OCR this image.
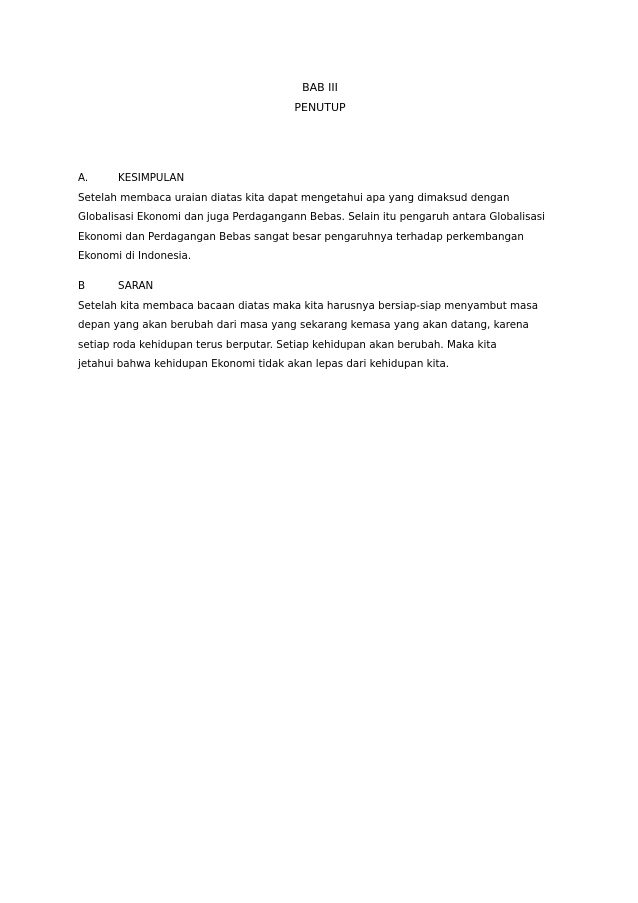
BAB III
PENUTUP
A.	KESIMPULAN
Setelah membaca uraian diatas kita dapat mengetahui apa yang dimaksud dengan
Globalisasi Ekonomi dan juga Perdagangann Bebas. Selain itu pengaruh antara Globalisasi
Ekonomi dan Perdagangan Bebas sangat besar pengaruhnya terhadap perkembangan
Ekonomi di Indonesia.
B	SARAN
Setelah kita membaca bacaan diatas maka kita harusnya bersiap-siap menyambut masa
depan yang akan berubah dari masa yang sekarang kemasa yang akan datang, karena
setiap roda kehidupan terus berputar. Setiap kehidupan akan berubah. Maka kita
jetahui bahwa kehidupan Ekonomi tidak akan lepas dari kehidupan kita.
